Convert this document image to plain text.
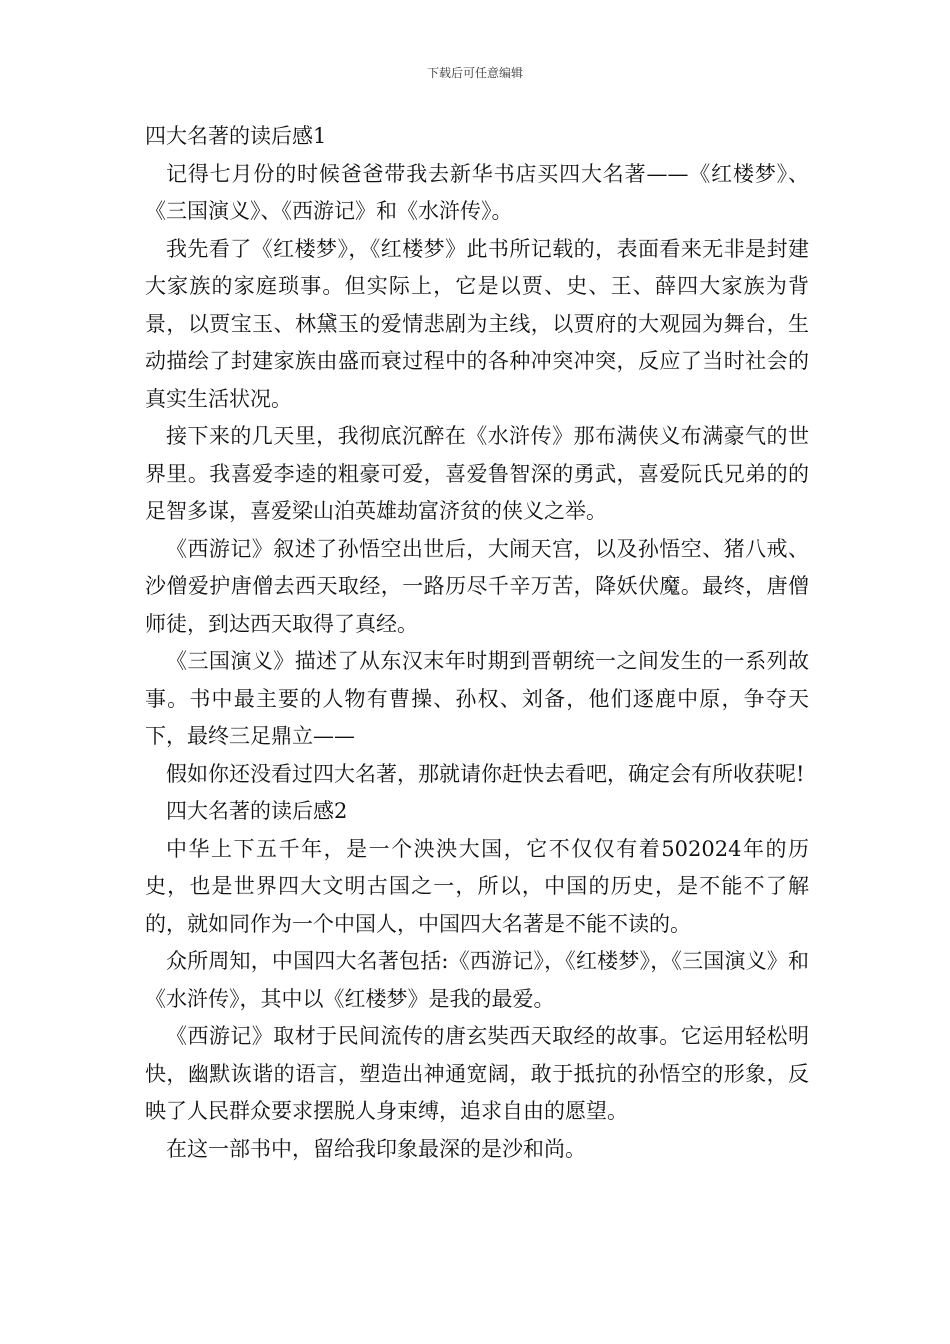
下载后可任意编辑

四大名著的读后感1

记得七月份的时候爸爸带我去新华书店买四大名著——《红楼梦》、《三国演义》、《西游记》和《水浒传》。

我先看了《红楼梦》，《红楼梦》此书所记载的，表面看来无非是封建大家族的家庭琐事。但实际上，它是以贾、史、王、薛四大家族为背景，以贾宝玉、林黛玉的爱情悲剧为主线，以贾府的大观园为舞台，生动描绘了封建家族由盛而衰过程中的各种冲突冲突，反应了当时社会的真实生活状况。

接下来的几天里，我彻底沉醉在《水浒传》那布满侠义布满豪气的世界里。我喜爱李逵的粗豪可爱，喜爱鲁智深的勇武，喜爱阮氏兄弟的的足智多谋，喜爱梁山泊英雄劫富济贫的侠义之举。

《西游记》叙述了孙悟空出世后，大闹天宫，以及孙悟空、猪八戒、沙僧爱护唐僧去西天取经，一路历尽千辛万苦，降妖伏魔。最终，唐僧师徒，到达西天取得了真经。

《三国演义》描述了从东汉末年时期到晋朝统一之间发生的一系列故事。书中最主要的人物有曹操、孙权、刘备，他们逐鹿中原，争夺天下，最终三足鼎立——

假如你还没看过四大名著，那就请你赶快去看吧，确定会有所收获呢!

四大名著的读后感2

中华上下五千年，是一个泱泱大国，它不仅仅有着502024年的历史，也是世界四大文明古国之一，所以，中国的历史，是不能不了解的，就如同作为一个中国人，中国四大名著是不能不读的。

众所周知，中国四大名著包括:《西游记》，《红楼梦》，《三国演义》和《水浒传》，其中以《红楼梦》是我的最爱。

《西游记》取材于民间流传的唐玄奘西天取经的故事。它运用轻松明快，幽默诙谐的语言，塑造出神通宽阔，敢于抵抗的孙悟空的形象，反映了人民群众要求摆脱人身束缚，追求自由的愿望。

在这一部书中，留给我印象最深的是沙和尚。
